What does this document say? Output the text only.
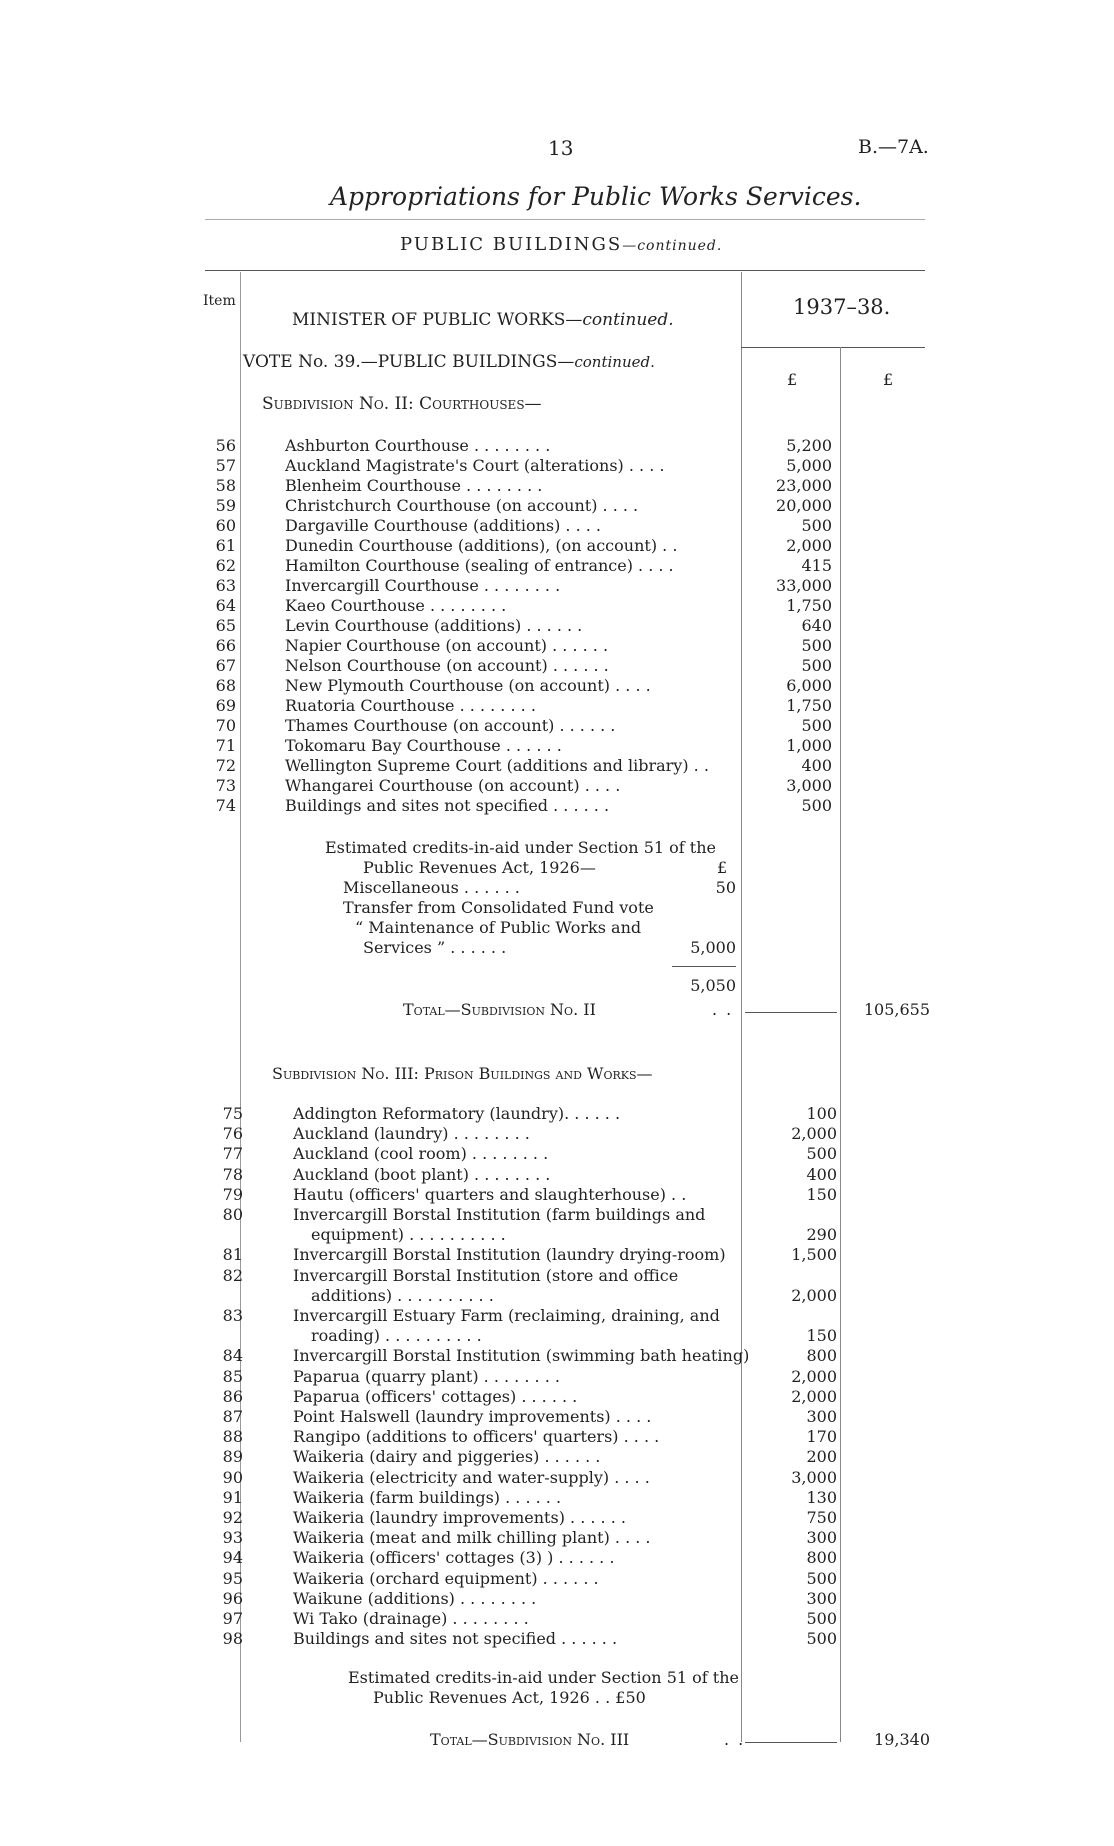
13	B.—7A.
Appropriations for Public Works Services.
PUBLIC BUILDINGS—continued.
Item
MINISTER OF PUBLIC WORKS—continued.
1937–38.
VOTE No. 39.—PUBLIC BUILDINGS—continued.
£	£
Subdivision No. II: Courthouses—
56	Ashburton Courthouse . . . . . . . .	5,200
57	Auckland Magistrate's Court (alterations) . . . .	5,000
58	Blenheim Courthouse . . . . . . . .	23,000
59	Christchurch Courthouse (on account) . . . .	20,000
60	Dargaville Courthouse (additions) . . . .	500
61	Dunedin Courthouse (additions), (on account) . .	2,000
62	Hamilton Courthouse (sealing of entrance) . . . .	415
63	Invercargill Courthouse . . . . . . . .	33,000
64	Kaeo Courthouse . . . . . . . .	1,750
65	Levin Courthouse (additions) . . . . . .	640
66	Napier Courthouse (on account) . . . . . .	500
67	Nelson Courthouse (on account) . . . . . .	500
68	New Plymouth Courthouse (on account) . . . .	6,000
69	Ruatoria Courthouse . . . . . . . .	1,750
70	Thames Courthouse (on account) . . . . . .	500
71	Tokomaru Bay Courthouse . . . . . .	1,000
72	Wellington Supreme Court (additions and library) . .	400
73	Whangarei Courthouse (on account) . . . .	3,000
74	Buildings and sites not specified . . . . . .	500
Estimated credits-in-aid under Section 51 of the
Public Revenues Act, 1926—	£
Miscellaneous . . . . . .	50
Transfer from Consolidated Fund vote
“ Maintenance of Public Works and
Services ” . . . . . .	5,000
5,050
Total—Subdivision No. II	. .	105,655
Subdivision No. III: Prison Buildings and Works—
75	Addington Reformatory (laundry). . . . . .	100
76	Auckland (laundry) . . . . . . . .	2,000
77	Auckland (cool room) . . . . . . . .	500
78	Auckland (boot plant) . . . . . . . .	400
79	Hautu (officers' quarters and slaughterhouse) . .	150
80	Invercargill Borstal Institution (farm buildings and
equipment) . . . . . . . . . .	290
81	Invercargill Borstal Institution (laundry drying-room)	1,500
82	Invercargill Borstal Institution (store and office
additions) . . . . . . . . . .	2,000
83	Invercargill Estuary Farm (reclaiming, draining, and
roading) . . . . . . . . . .	150
84	Invercargill Borstal Institution (swimming bath heating)	800
85	Paparua (quarry plant) . . . . . . . .	2,000
86	Paparua (officers' cottages) . . . . . .	2,000
87	Point Halswell (laundry improvements) . . . .	300
88	Rangipo (additions to officers' quarters) . . . .	170
89	Waikeria (dairy and piggeries) . . . . . .	200
90	Waikeria (electricity and water-supply) . . . .	3,000
91	Waikeria (farm buildings) . . . . . .	130
92	Waikeria (laundry improvements) . . . . . .	750
93	Waikeria (meat and milk chilling plant) . . . .	300
94	Waikeria (officers' cottages (3) ) . . . . . .	800
95	Waikeria (orchard equipment) . . . . . .	500
96	Waikune (additions) . . . . . . . .	300
97	Wi Tako (drainage) . . . . . . . .	500
98	Buildings and sites not specified . . . . . .	500
Estimated credits-in-aid under Section 51 of the
Public Revenues Act, 1926 . . £50
Total—Subdivision No. III	. .	19,340
